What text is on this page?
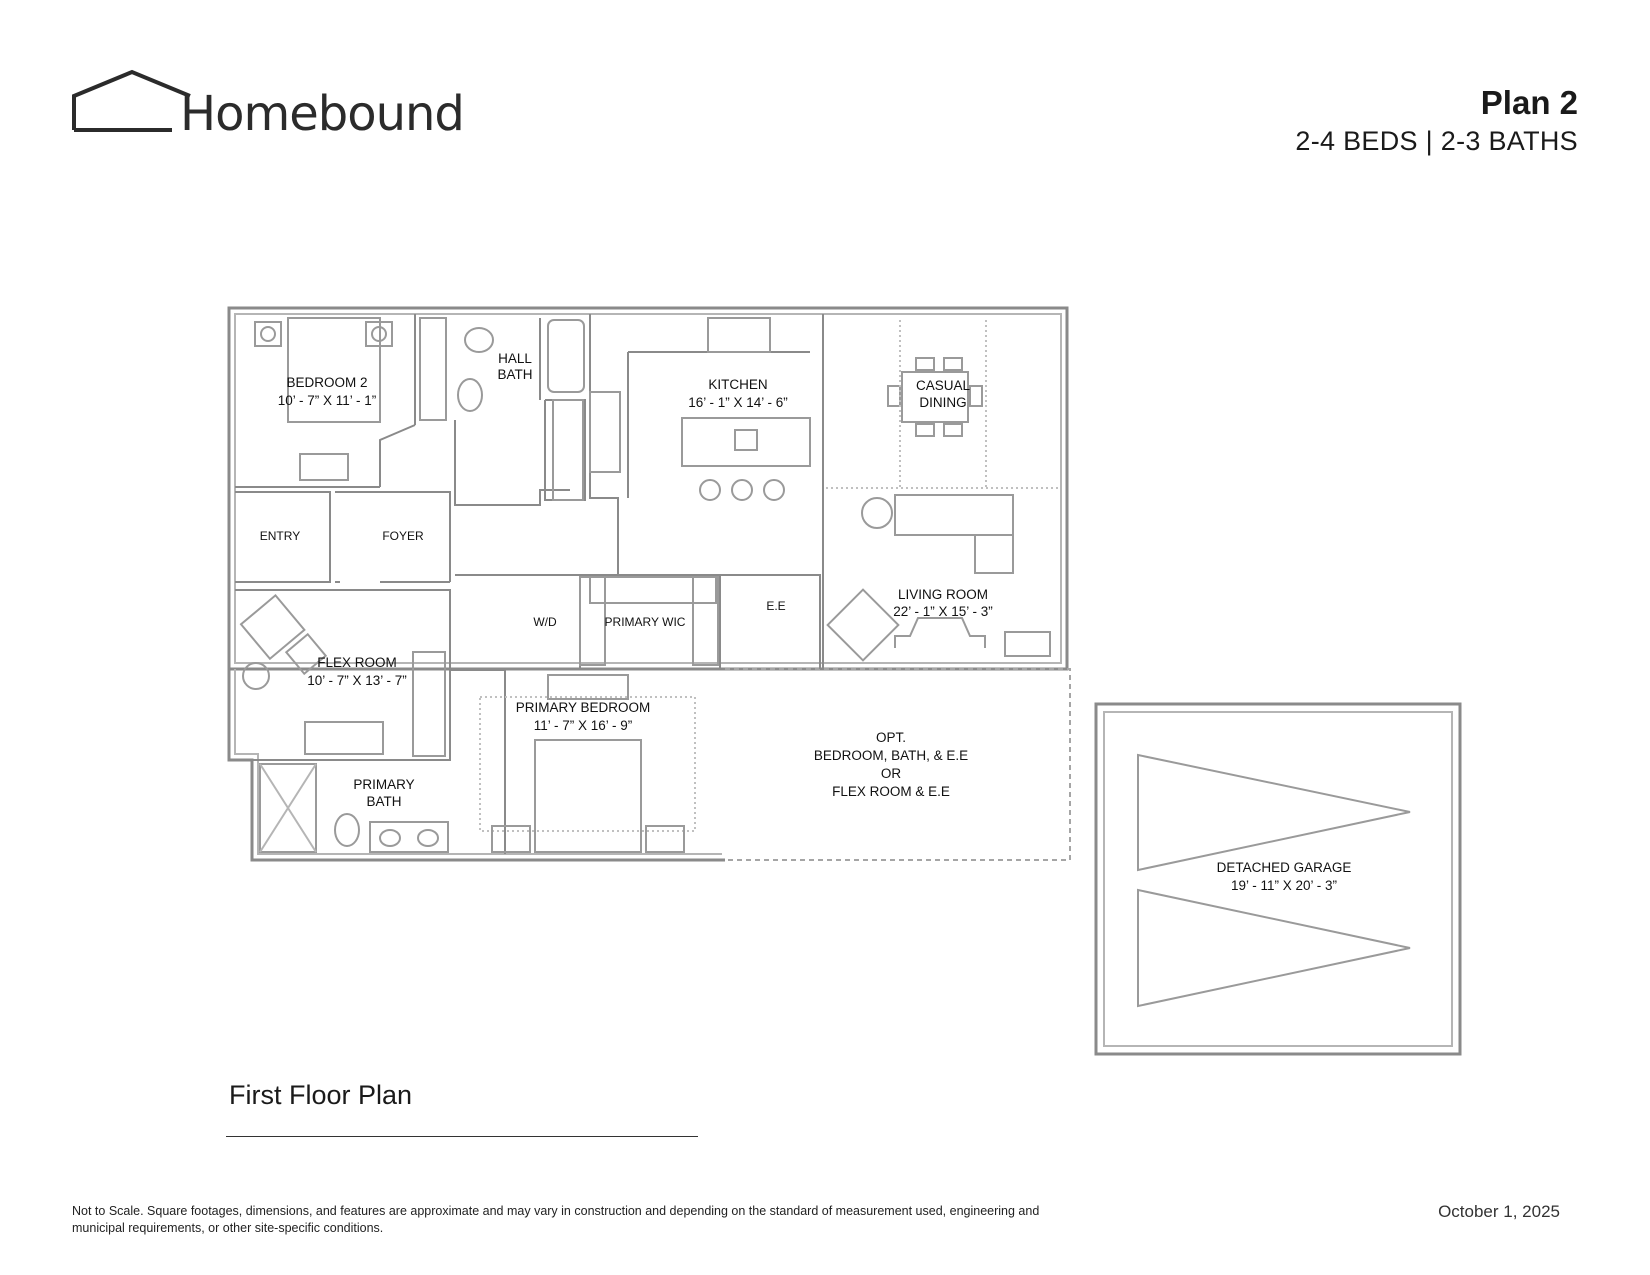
Homebound	Plan 2
2-4 BEDS | 2-3 BATHS
BEDROOM 2
10’ - 7” X 11’ - 1”
HALL
BATH
KITCHEN
16’ - 1” X 14’ - 6”
CASUAL
DINING
ENTRY	FOYER
W/D	PRIMARY WIC
E.E
LIVING ROOM
22’ - 1” X 15’ - 3”
FLEX ROOM
10’ - 7” X 13’ - 7”
PRIMARY BEDROOM
11’ - 7” X 16’ - 9”
OPT.
BEDROOM, BATH, & E.E
OR
FLEX ROOM & E.E
PRIMARY
BATH
DETACHED GARAGE
19’ - 11” X 20’ - 3”
First Floor Plan
Not to Scale. Square footages, dimensions, and features are approximate and may vary in construction and depending on the standard of measurement used, engineering and municipal requirements, or other site-specific conditions.
October 1, 2025
